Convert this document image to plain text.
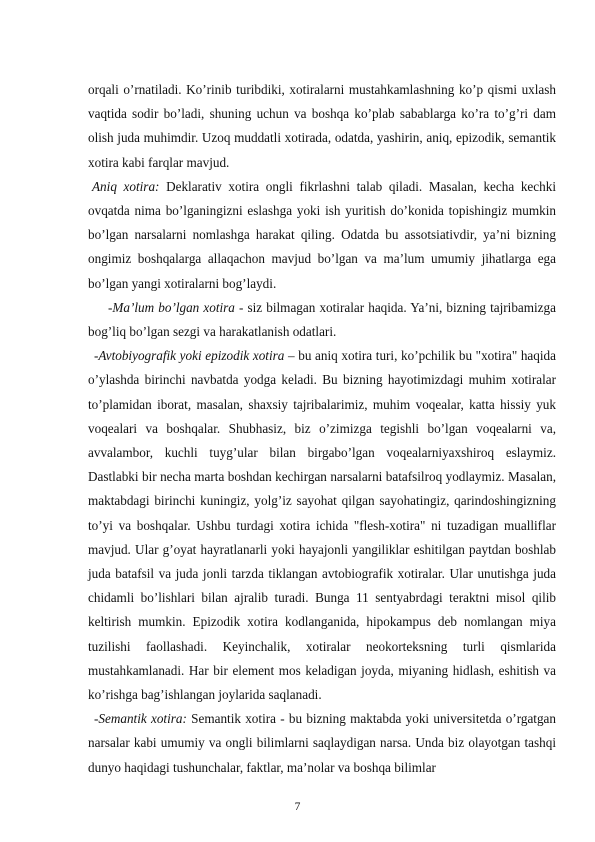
orqali o’rnatiladi. Ko’rinib turibdiki, xotiralarni mustahkamlashning ko’p qismi uxlash vaqtida sodir bo’ladi, shuning uchun va boshqa ko’plab sabablarga ko’ra to’g’ri dam olish juda muhimdir. Uzoq muddatli xotirada, odatda, yashirin, aniq, epizodik, semantik xotira kabi farqlar mavjud.

Aniq xotira: Deklarativ xotira ongli fikrlashni talab qiladi. Masalan, kecha kechki ovqatda nima bo’lganingizni eslashga yoki ish yuritish do’konida topishingiz mumkin bo’lgan narsalarni nomlashga harakat qiling. Odatda bu assotsiativdir, ya’ni bizning ongimiz boshqalarga allaqachon mavjud bo’lgan va ma’lum umumiy jihatlarga ega bo’lgan yangi xotiralarni bog’laydi.

-Ma’lum bo’lgan xotira - siz bilmagan xotiralar haqida. Ya’ni, bizning tajribamizga bog’liq bo’lgan sezgi va harakatlanish odatlari.

-Avtobiyografik yoki epizodik xotira – bu aniq xotira turi, ko’pchilik bu "xotira" haqida o’ylashda birinchi navbatda yodga keladi. Bu bizning hayotimizdagi muhim xotiralar to’plamidan iborat, masalan, shaxsiy tajribalarimiz, muhim voqealar, katta hissiy yuk voqealari va boshqalar. Shubhasiz, biz o’zimizga tegishli bo’lgan voqealarni va, avvalambor, kuchli tuyg’ular bilan birgabo’lgan voqealarniyaxshiroq eslaymiz. Dastlabki bir necha marta boshdan kechirgan narsalarni batafsilroq yodlaymiz. Masalan, maktabdagi birinchi kuningiz, yolg’iz sayohat qilgan sayohatingiz, qarindoshingizning to’yi va boshqalar. Ushbu turdagi xotira ichida "flesh-xotira" ni tuzadigan mualliflar mavjud. Ular g’oyat hayratlanarli yoki hayajonli yangiliklar eshitilgan paytdan boshlab juda batafsil va juda jonli tarzda tiklangan avtobiografik xotiralar. Ular unutishga juda chidamli bo’lishlari bilan ajralib turadi. Bunga 11 sentyabrdagi teraktni misol qilib keltirish mumkin. Epizodik xotira kodlanganida, hipokampus deb nomlangan miya tuzilishi faollashadi. Keyinchalik, xotiralar neokorteksning turli qismlarida mustahkamlanadi. Har bir element mos keladigan joyda, miyaning hidlash, eshitish va ko’rishga bag’ishlangan joylarida saqlanadi.

-Semantik xotira: Semantik xotira - bu bizning maktabda yoki universitetda o’rgatgan narsalar kabi umumiy va ongli bilimlarni saqlaydigan narsa. Unda biz olayotgan tashqi dunyo haqidagi tushunchalar, faktlar, ma’nolar va boshqa bilimlar

7
